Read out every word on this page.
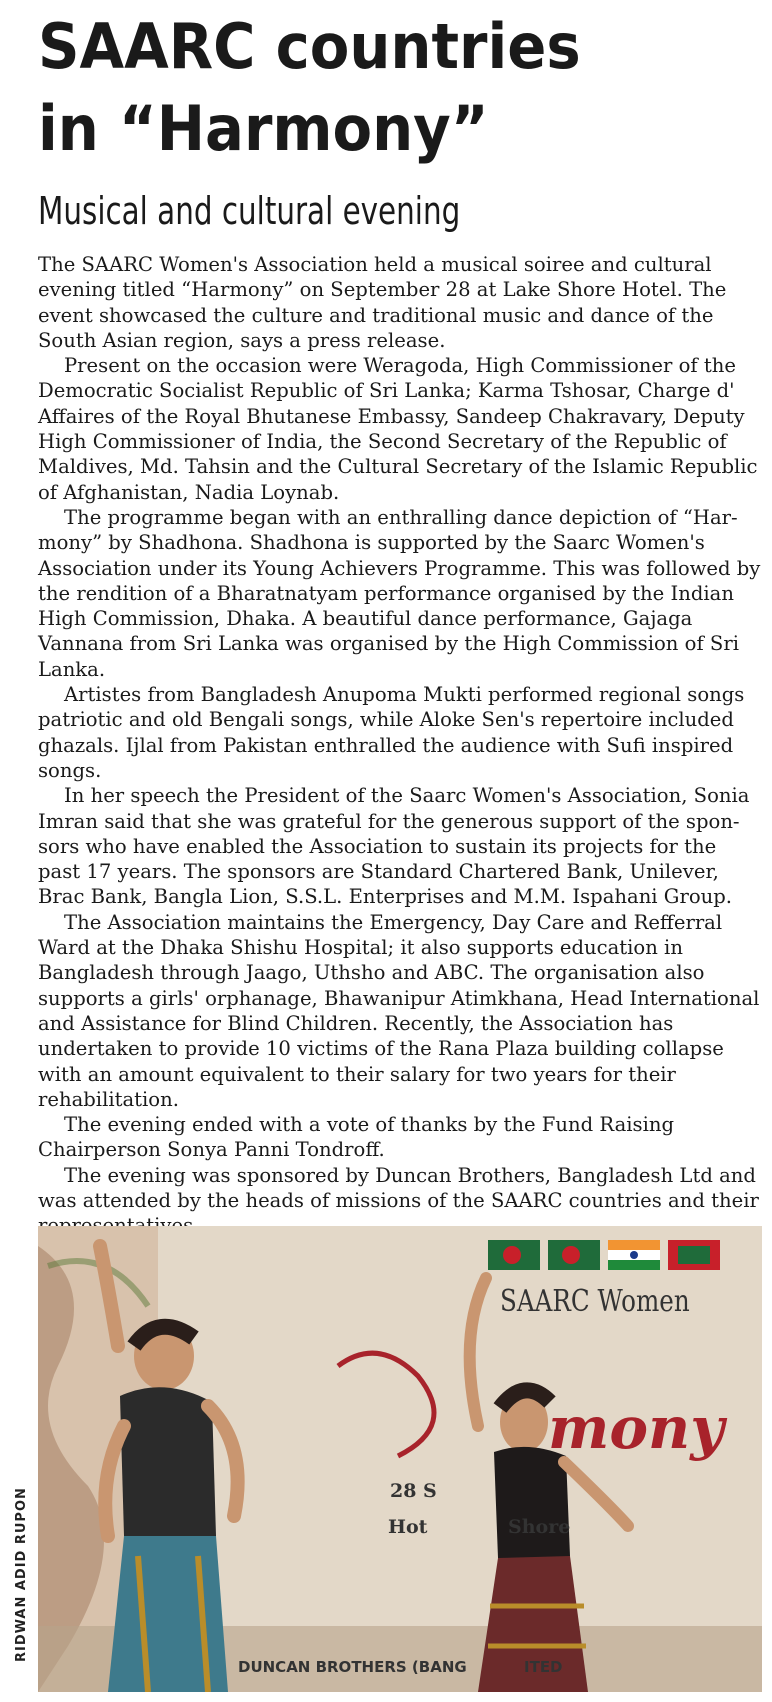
SAARC countries
in “Harmony”
Musical and cultural evening

The SAARC Women's Association held a musical soiree and cultural evening titled “Harmony” on September 28 at Lake Shore Hotel. The event showcased the culture and traditional music and dance of the South Asian region, says a press release.

Present on the occasion were Weragoda, High Commissioner of the Democratic Socialist Republic of Sri Lanka; Karma Tshosar, Charge d' Affaires of the Royal Bhutanese Embassy, Sandeep Chakravary, Deputy High Commissioner of India, the Second Secretary of the Republic of Maldives, Md. Tahsin and the Cultural Secretary of the Islamic Republic of Afghanistan, Nadia Loynab.

The programme began with an enthralling dance depiction of “Har-mony” by Shadhona. Shadhona is supported by the Saarc Women's Association under its Young Achievers Programme. This was followed by the rendition of a Bharatnatyam performance organised by the Indian High Commission, Dhaka. A beautiful dance performance, Gajaga Vannana from Sri Lanka was organised by the High Commission of Sri Lanka.

Artistes from Bangladesh Anupoma Mukti performed regional songs patriotic and old Bengali songs, while Aloke Sen's repertoire included ghazals. Ijlal from Pakistan enthralled the audience with Sufi inspired songs.

In her speech the President of the Saarc Women's Association, Sonia Imran said that she was grateful for the generous support of the spon-sors who have enabled the Association to sustain its projects for the past 17 years. The sponsors are Standard Chartered Bank, Unilever, Brac Bank, Bangla Lion, S.S.L. Enterprises and M.M. Ispahani Group.

The Association maintains the Emergency, Day Care and Refferral Ward at the Dhaka Shishu Hospital; it also supports education in Bangladesh through Jaago, Uthsho and ABC. The organisation also supports a girls' orphanage, Bhawanipur Atimkhana, Head International and Assistance for Blind Children. Recently, the Association has undertaken to provide 10 victims of the Rana Plaza building collapse with an amount equivalent to their salary for two years for their rehabilitation.

The evening ended with a vote of thanks by the Fund Raising Chairperson Sonya Panni Tondroff.

The evening was sponsored by Duncan Brothers, Bangladesh Ltd and was attended by the heads of missions of the SAARC countries and their

RIDWAN ADID RUPON
SAARC Women
mony
28 S
Hot	Shore
DUNCAN BROTHERS (BANG	ITED
